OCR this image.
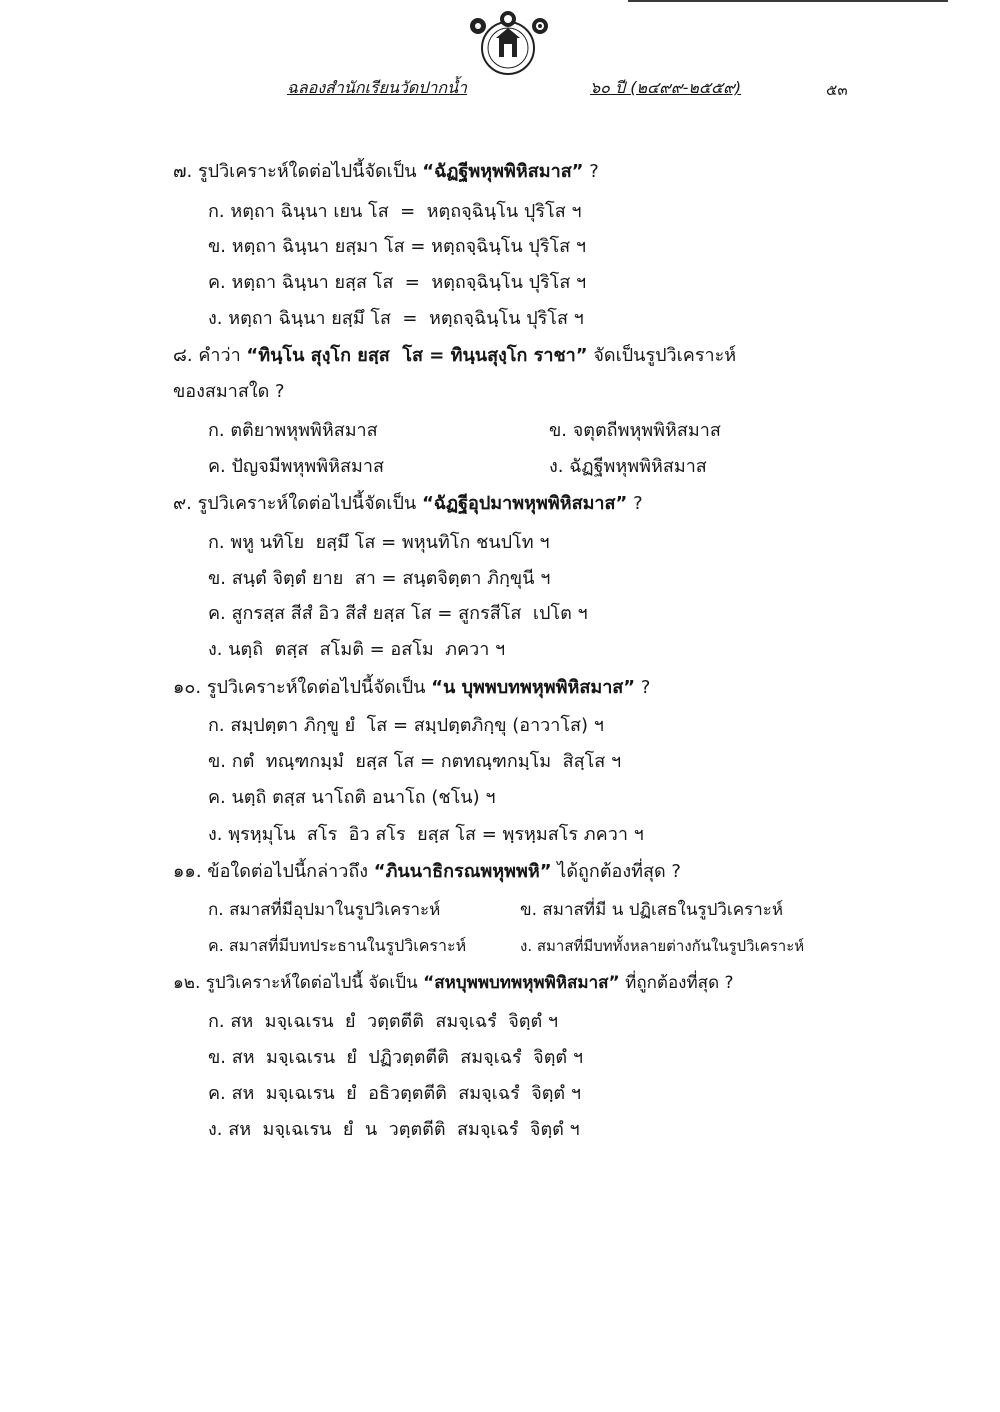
ฉลองสำนักเรียนวัดปากน้ำ	๖๐ ปี (๒๔๙๙-๒๕๕๙)	๕๓
๗. รูปวิเคราะห์ใดต่อไปนี้จัดเป็น “ฉัฏฐีพหุพพิหิสมาส” ?
ก. หตฺถา ฉินฺนา เยน โส  =  หตฺถจฺฉินฺโน ปุริโส ฯ
ข. หตฺถา ฉินฺนา ยสฺมา โส = หตฺถจฺฉินฺโน ปุริโส ฯ
ค. หตฺถา ฉินฺนา ยสฺส โส  =  หตฺถจฺฉินฺโน ปุริโส ฯ
ง. หตฺถา ฉินฺนา ยสฺมึ โส  =  หตฺถจฺฉินฺโน ปุริโส ฯ
๘. คำว่า “ทินฺโน สุงฺโก ยสฺส  โส = ทินฺนสุงฺโก ราชา” จัดเป็นรูปวิเคราะห์
ของสมาสใด ?
ก. ตติยาพหุพพิหิสมาส	ข. จตุตถีพหุพพิหิสมาส
ค. ปัญจมีพหุพพิหิสมาส	ง. ฉัฏฐีพหุพพิหิสมาส
๙. รูปวิเคราะห์ใดต่อไปนี้จัดเป็น “ฉัฏฐีอุปมาพหุพพิหิสมาส” ?
ก. พหู นทิโย  ยสฺมึ โส = พหุนทิโก ชนปโท ฯ
ข. สนฺตํ จิตฺตํ ยาย  สา = สนฺตจิตฺตา ภิกฺขุนี ฯ
ค. สูกรสฺส สีสํ อิว สีสํ ยสฺส โส = สูกรสีโส  เปโต ฯ
ง. นตฺถิ  ตสฺส  สโมติ = อสโม  ภควา ฯ
๑๐. รูปวิเคราะห์ใดต่อไปนี้จัดเป็น “น บุพพบทพหุพพิหิสมาส” ?
ก. สมฺปตฺตา ภิกฺขู ยํ  โส = สมฺปตฺตภิกฺขุ (อาวาโส) ฯ
ข. กตํ  ทณฺฑกมฺมํ  ยสฺส โส = กตทณฺฑกมฺโม  สิสฺโส ฯ
ค. นตฺถิ ตสฺส นาโถติ อนาโถ (ชโน) ฯ
ง. พฺรหฺมุโน  สโร  อิว สโร  ยสฺส โส = พฺรหฺมสโร ภควา ฯ
๑๑. ข้อใดต่อไปนี้กล่าวถึง “ภินนาธิกรณพหุพพหิ” ได้ถูกต้องที่สุด ?
ก. สมาสที่มีอุปมาในรูปวิเคราะห์	ข. สมาสที่มี น ปฏิเสธในรูปวิเคราะห์
ค. สมาสที่มีบทประธานในรูปวิเคราะห์	ง. สมาสที่มีบททั้งหลายต่างกันในรูปวิเคราะห์
๑๒. รูปวิเคราะห์ใดต่อไปนี้ จัดเป็น “สหบุพพบทพหุพพิหิสมาส” ที่ถูกต้องที่สุด ?
ก. สห  มจฺเฉเรน  ยํ  วตฺตตีติ  สมจฺเฉรํ  จิตฺตํ ฯ
ข. สห  มจฺเฉเรน  ยํ  ปฏิวตฺตตีติ  สมจฺเฉรํ  จิตฺตํ ฯ
ค. สห  มจฺเฉเรน  ยํ  อธิวตฺตตีติ  สมจฺเฉรํ  จิตฺตํ ฯ
ง. สห  มจฺเฉเรน  ยํ  น  วตฺตตีติ  สมจฺเฉรํ  จิตฺตํ ฯ
